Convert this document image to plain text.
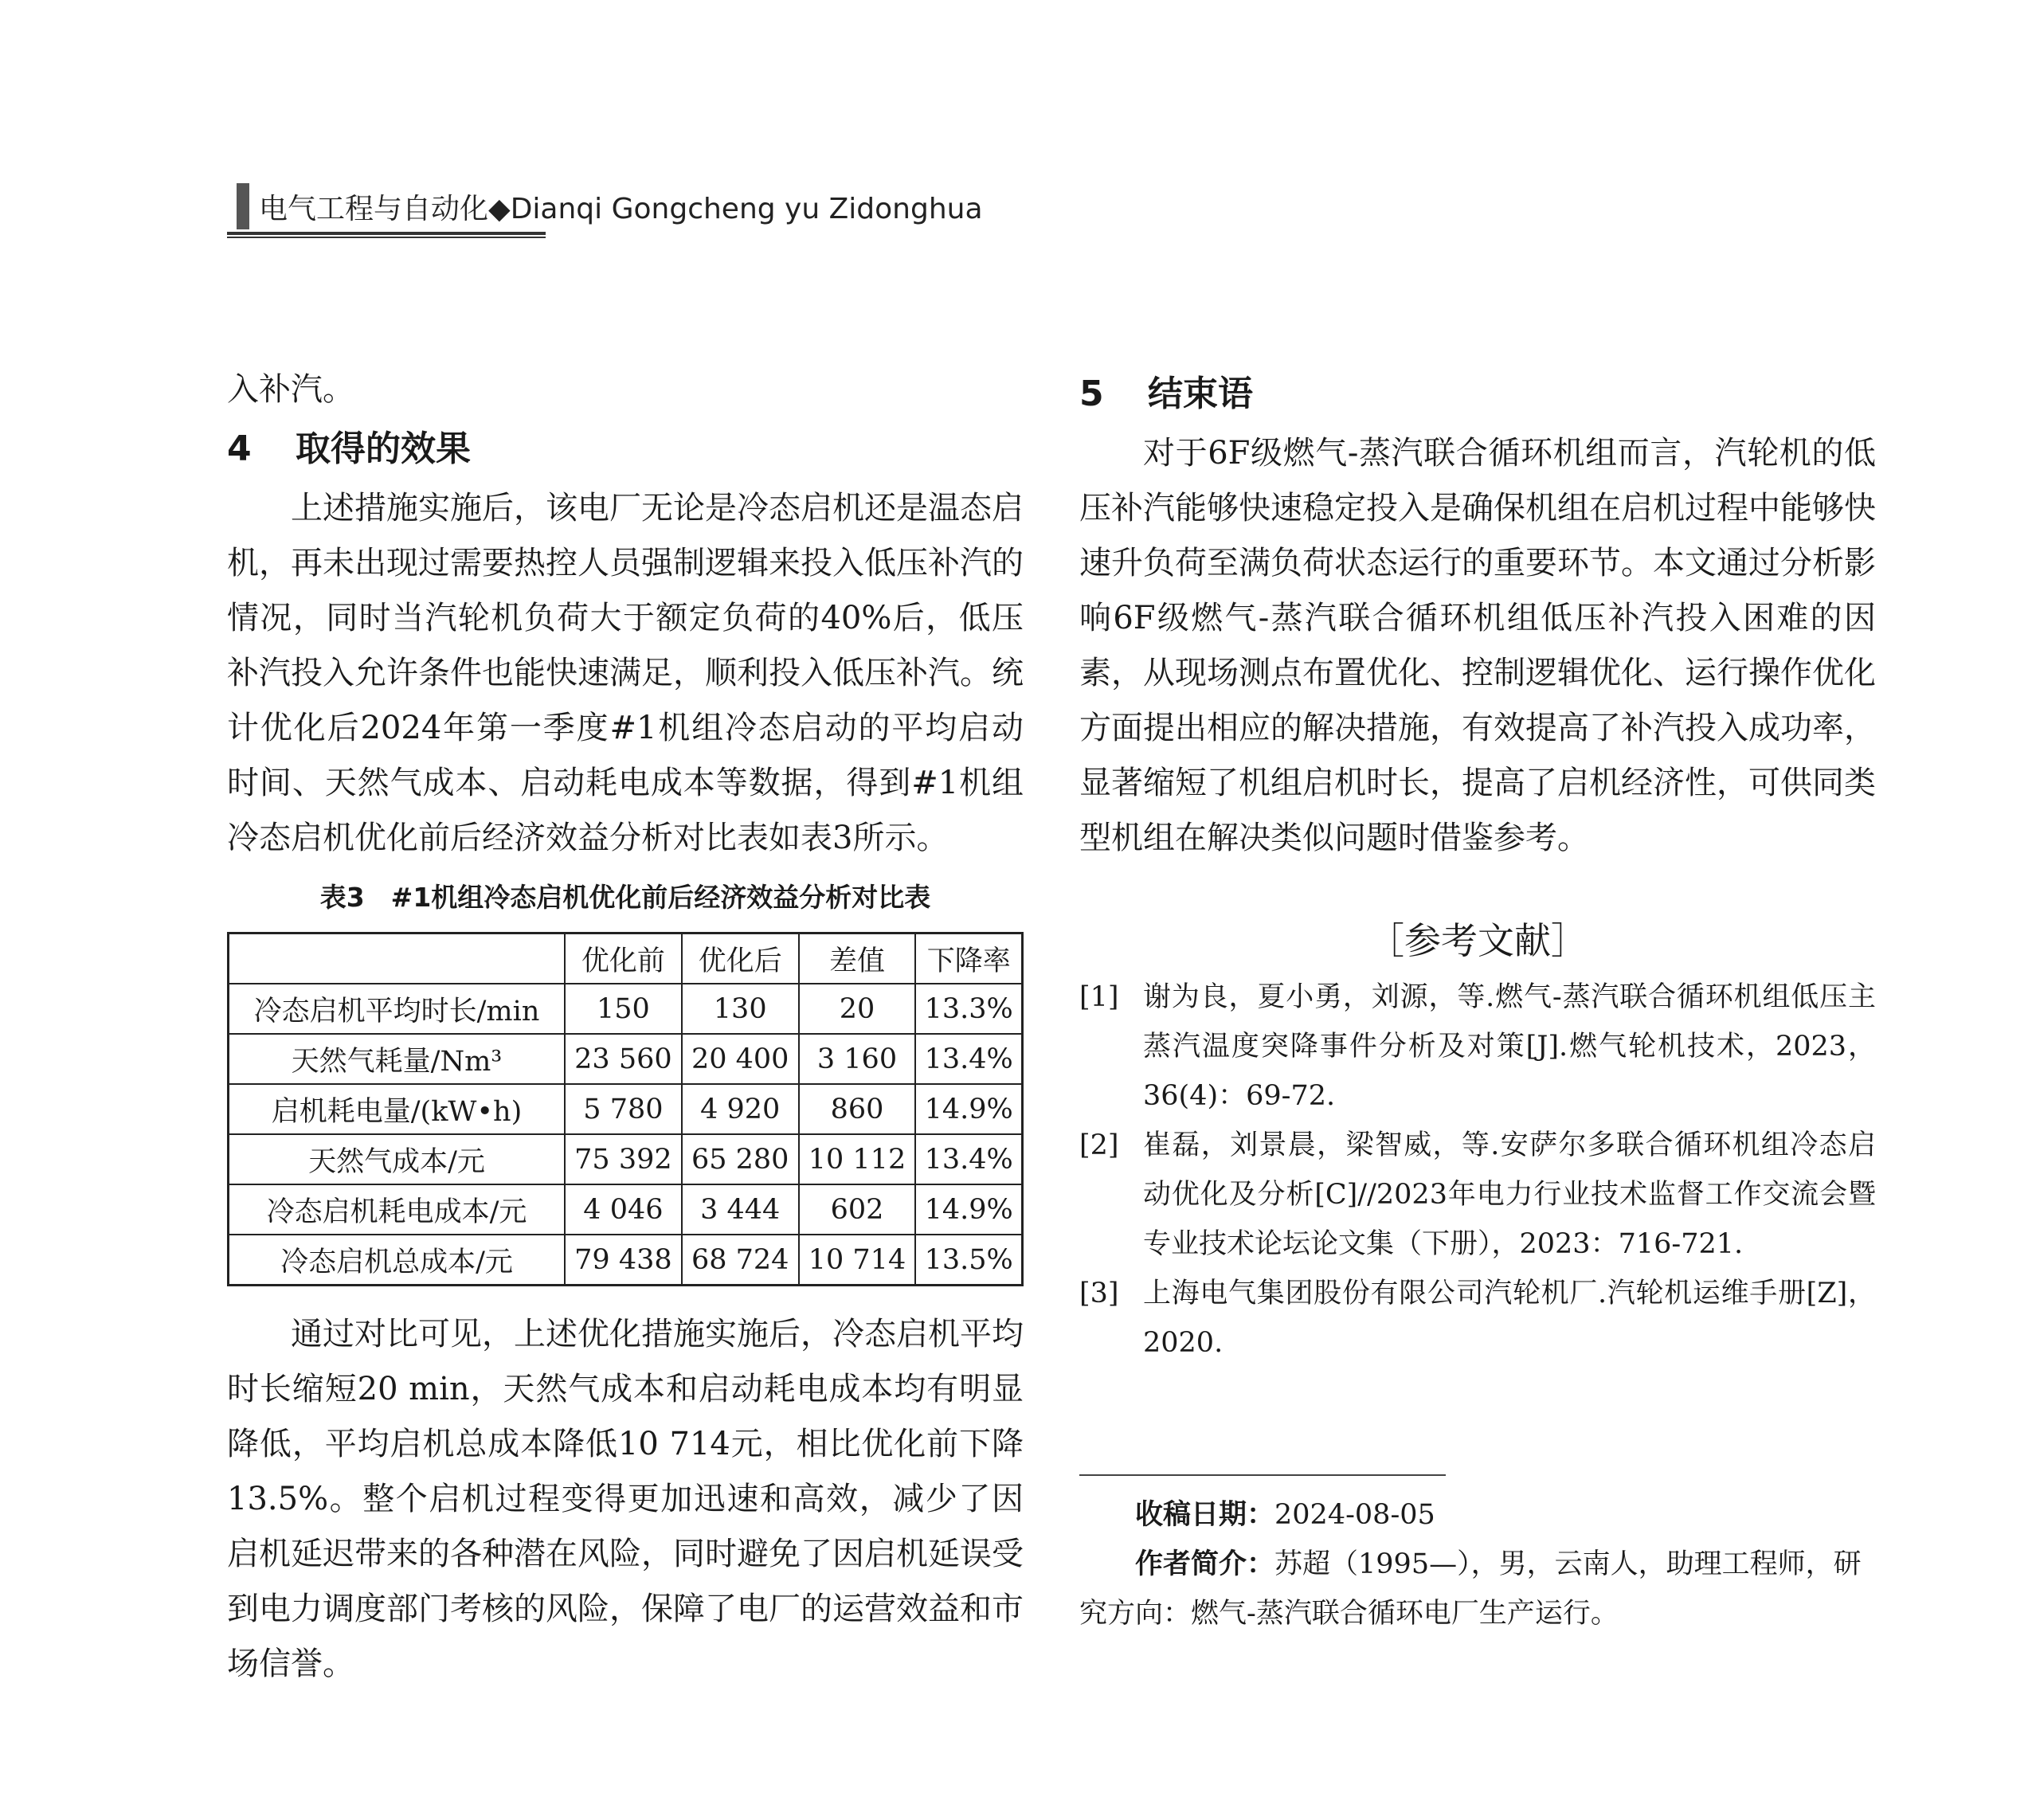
电气工程与自动化◆Dianqi Gongcheng yu Zidonghua

入补汽。

4 取得的效果

上述措施实施后，该电厂无论是冷态启机还是温态启机，再未出现过需要热控人员强制逻辑来投入低压补汽的情况，同时当汽轮机负荷大于额定负荷的40%后，低压补汽投入允许条件也能快速满足，顺利投入低压补汽。统计优化后2024年第一季度#1机组冷态启动的平均启动时间、天然气成本、启动耗电成本等数据，得到#1机组冷态启机优化前后经济效益分析对比表如表3所示。

表3　#1机组冷态启机优化前后经济效益分析对比表
	优化前	优化后	差值	下降率
冷态启机平均时长/min	150	130	20	13.3%
天然气耗量/Nm³	23 560	20 400	3 160	13.4%
启机耗电量/(kW•h)	5 780	4 920	860	14.9%
天然气成本/元	75 392	65 280	10 112	13.4%
冷态启机耗电成本/元	4 046	3 444	602	14.9%
冷态启机总成本/元	79 438	68 724	10 714	13.5%

通过对比可见，上述优化措施实施后，冷态启机平均时长缩短20 min，天然气成本和启动耗电成本均有明显降低，平均启机总成本降低10 714元，相比优化前下降13.5%。整个启机过程变得更加迅速和高效，减少了因启机延迟带来的各种潜在风险，同时避免了因启机延误受到电力调度部门考核的风险，保障了电厂的运营效益和市场信誉。

5 结束语

对于6F级燃气-蒸汽联合循环机组而言，汽轮机的低压补汽能够快速稳定投入是确保机组在启机过程中能够快速升负荷至满负荷状态运行的重要环节。本文通过分析影响6F级燃气-蒸汽联合循环机组低压补汽投入困难的因素，从现场测点布置优化、控制逻辑优化、运行操作优化方面提出相应的解决措施，有效提高了补汽投入成功率，显著缩短了机组启机时长，提高了启机经济性，可供同类型机组在解决类似问题时借鉴参考。

［参考文献］
[1] 谢为良，夏小勇，刘源，等.燃气-蒸汽联合循环机组低压主蒸汽温度突降事件分析及对策[J].燃气轮机技术，2023，36(4)：69-72.
[2] 崔磊，刘景晨，梁智威，等.安萨尔多联合循环机组冷态启动优化及分析[C]//2023年电力行业技术监督工作交流会暨专业技术论坛论文集（下册），2023：716-721.
[3] 上海电气集团股份有限公司汽轮机厂.汽轮机运维手册[Z]，2020.

收稿日期：2024-08-05

作者简介：苏超（1995—），男，云南人，助理工程师，研究方向：燃气-蒸汽联合循环电厂生产运行。
